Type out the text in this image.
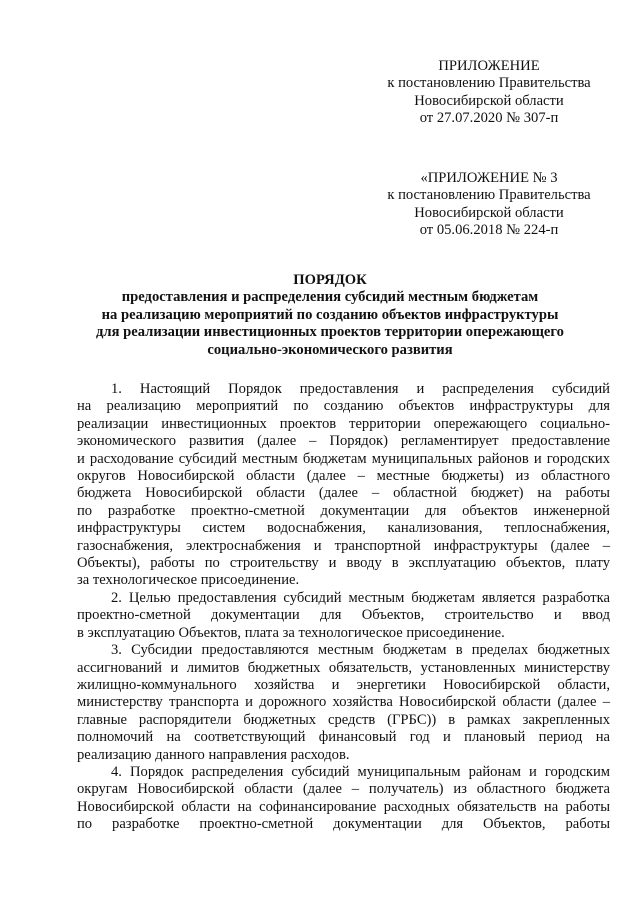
ПРИЛОЖЕНИЕ
к постановлению Правительства
Новосибирской области
от 27.07.2020 № 307-п
«ПРИЛОЖЕНИЕ № 3
к постановлению Правительства
Новосибирской области
от 05.06.2018 № 224-п
ПОРЯДОК
предоставления и распределения субсидий местным бюджетам
на реализацию мероприятий по созданию объектов инфраструктуры
для реализации инвестиционных проектов территории опережающего
социально-экономического развития
1. Настоящий Порядок предоставления и распределения субсидий
на реализацию мероприятий по созданию объектов инфраструктуры для
реализации инвестиционных проектов территории опережающего социально-
экономического развития (далее – Порядок) регламентирует предоставление
и расходование субсидий местным бюджетам муниципальных районов и городских
округов Новосибирской области (далее – местные бюджеты) из областного
бюджета Новосибирской области (далее – областной бюджет) на работы
по разработке проектно-сметной документации для объектов инженерной
инфраструктуры систем водоснабжения, канализования, теплоснабжения,
газоснабжения, электроснабжения и транспортной инфраструктуры (далее –
Объекты), работы по строительству и вводу в эксплуатацию объектов, плату
за технологическое присоединение.
2. Целью предоставления субсидий местным бюджетам является разработка
проектно-сметной документации для Объектов, строительство и ввод
в эксплуатацию Объектов, плата за технологическое присоединение.
3. Субсидии предоставляются местным бюджетам в пределах бюджетных
ассигнований и лимитов бюджетных обязательств, установленных министерству
жилищно-коммунального хозяйства и энергетики Новосибирской области,
министерству транспорта и дорожного хозяйства Новосибирской области (далее –
главные распорядители бюджетных средств (ГРБС)) в рамках закрепленных
полномочий на соответствующий финансовый год и плановый период на
реализацию данного направления расходов.
4. Порядок распределения субсидий муниципальным районам и городским
округам Новосибирской области (далее – получатель) из областного бюджета
Новосибирской области на софинансирование расходных обязательств на работы
по разработке проектно-сметной документации для Объектов, работы
